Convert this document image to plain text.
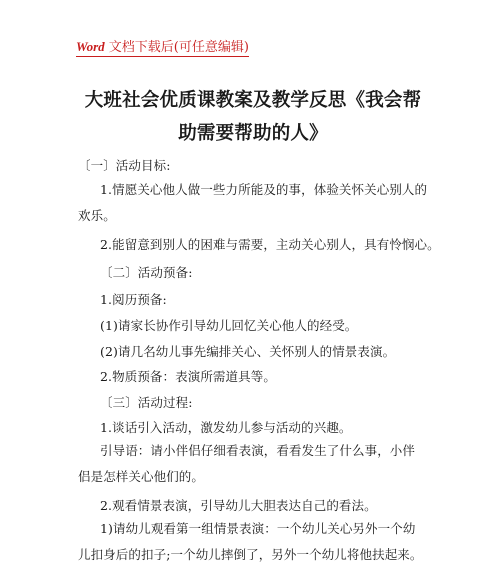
Word 文档下载后(可任意编辑)
大班社会优质课教案及教学反思《我会帮助需要帮助的人》
〔一〕活动目标:
1.情愿关心他人做一些力所能及的事，体验关怀关心别人的欢乐。
2.能留意到别人的困难与需要，主动关心别人，具有怜悯心。
〔二〕活动预备:
1.阅历预备:
(1)请家长协作引导幼儿回忆关心他人的经受。
(2)请几名幼儿事先编排关心、关怀别人的情景表演。
2.物质预备：表演所需道具等。
〔三〕活动过程:
1.谈话引入活动，激发幼儿参与活动的兴趣。
引导语：请小伴侣仔细看表演，看看发生了什么事，小伴侣是怎样关心他们的。
2.观看情景表演，引导幼儿大胆表达自己的看法。
1)请幼儿观看第一组情景表演：一个幼儿关心另外一个幼儿扣身后的扣子;一个幼儿摔倒了，另外一个幼儿将他扶起来。
